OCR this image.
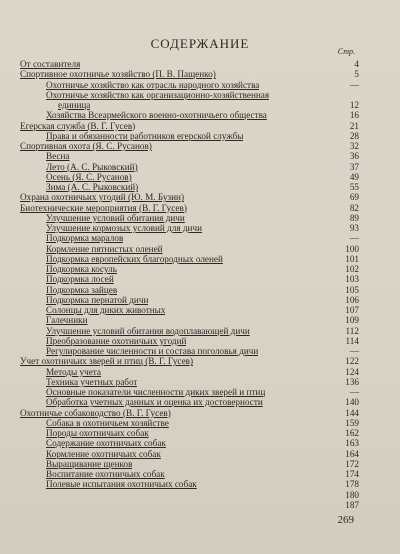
СОДЕРЖАНИЕ
Стр.
От составителя	4
Спортивное охотничье хозяйство (П. В. Пащенко)	5
Охотничье хозяйство как отрасль народного хозяйства	—
Охотничье хозяйство как организационно-хозяйственная
единица	12
Хозяйства Всеармейского военно-охотничьего общества	16
Егерская служба (В. Г. Гусев)	21
Права и обязанности работников егерской службы	28
Спортивная охота (Я. С. Русанов)	32
Весна	36
Лето (А. С. Рыковский)	37
Осень (Я. С. Русанов)	49
Зима (А. С. Рыковский)	55
Охрана охотничьих угодий (Ю. М. Бузин)	69
Биотехнические мероприятия (В. Г. Гусев)	82
Улучшение условий обитания дичи	89
Улучшение кормозых условий для дичи	93
Подкормка маралов	—
Кормление пятнистых оленей	100
Подкормка европейских благородных оленей	101
Подкормка косуль	102
Подкормка лосей	103
Подкормка зайцев	105
Подкормка пернатой дичи	106
Солонцы для диких животных	107
Галечники	109
Улучшение условий обитания водоплавающей дичи	112
Преобразование охотничьих угодий	114
Регулирование численности и состава поголовья дичи	—
Учет охотничьих зверей и птиц (В. Г. Гусев)	122
Методы учета	124
Техника учетных работ	136
Основные показатели численности диких зверей и птиц	—
Обработка учетных данных и оценка их достоверности	140
Охотничье собаководство (В. Г. Гусев)	144
Собака в охотничьем хозяйстве	159
Породы охотничьих собак	162
Содержание охотничьих собак	163
Кормление охотничьих собак	164
Выращивание щенков	172
Воспитание охотничьих собак	174
Полевые испытания охотничьих собак	178
180
187
269
